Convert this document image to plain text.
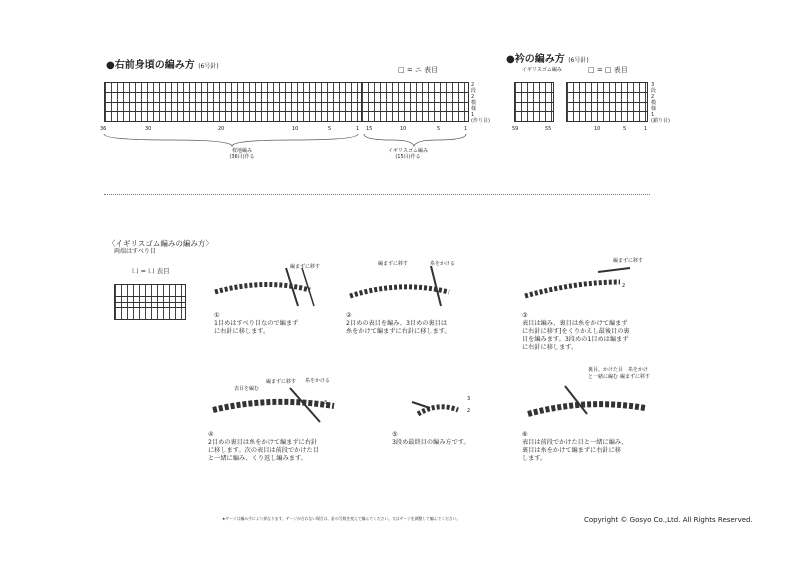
●右前身頃の編み方 (6号針)	□ = ニ 表目
2
段
2
模
様
1
(作り目)
36	30	20	10	5	1 15	10	5	1
桜地編み
(36目)作る
イギリスゴム編み
(15目)作る
●衿の編み方 (6号針)
イギリスゴム編み	□ = □ 表目
3
段
2
模
様
1
(鎖り目)
59	55	10	5	1
〈イギリスゴム編みの編み方〉
両端はすべり目
凵 = 凵 表目	編まずに移す	編まずに移す	糸をかける	編まずに移す
2
編まずに移す
表目を編む
糸をかける
3
3
2
裏目、かけた目
と一緒に編む
糸をかけ
編まずに移す
①
1目めはすべり目なので編まず
に右針に移します。
②
2目めの表目を編み、3目めの裏目は
糸をかけて編まずに右針に移します。
③
表目は編み、裏目は糸をかけて編まず
に右針に移す]をくりかえし最後目の裏
目を編みます。3段めの1目めは編まず
に右針に移します。
④
2目めの裏目は糸をかけて編まずに右針
に移します。次の表目は前段でかけた目
と一緒に編み、くり返し編みます。
⑤
3段め最終目の編み方です。
⑥
表目は前段でかけた目と一緒に編み、
裏目は糸をかけて編まずに右針に移
します。
★ゲージは編み手により異なります。ゲージが合わない場合は、針の号数を変えて編んでください。又はゲージを調整して編んでください。	Copyright © Gosyo Co.,Ltd. All Rights Reserved.
